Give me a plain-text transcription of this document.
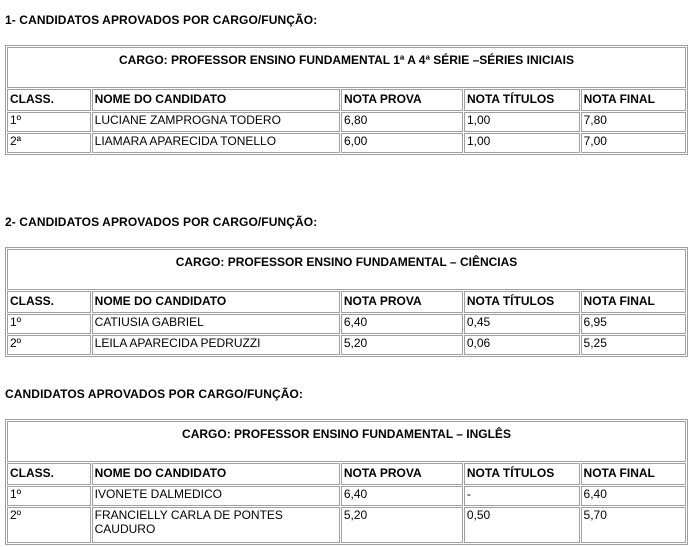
1- CANDIDATOS APROVADOS POR CARGO/FUNÇÃO:
CARGO: PROFESSOR ENSINO FUNDAMENTAL 1ª A 4ª SÉRIE –SÉRIES INICIAIS				
CLASS.	NOME DO CANDIDATO	NOTA PROVA	NOTA TÍTULOS	NOTA FINAL
1º	LUCIANE ZAMPROGNA TODERO	6,80	1,00	7,80
2ª	LIAMARA APARECIDA TONELLO	6,00	1,00	7,00
2- CANDIDATOS APROVADOS POR CARGO/FUNÇÃO:
CARGO: PROFESSOR ENSINO FUNDAMENTAL – CIÊNCIAS				
CLASS.	NOME DO CANDIDATO	NOTA PROVA	NOTA TÍTULOS	NOTA FINAL
1º	CATIUSIA GABRIEL	6,40	0,45	6,95
2º	LEILA APARECIDA PEDRUZZI	5,20	0,06	5,25
CANDIDATOS APROVADOS POR CARGO/FUNÇÃO:
CARGO: PROFESSOR ENSINO FUNDAMENTAL – INGLÊS				
CLASS.	NOME DO CANDIDATO	NOTA PROVA	NOTA TÍTULOS	NOTA FINAL
1º	IVONETE DALMEDICO	6,40	-	6,40
2º	FRANCIELLY CARLA DE PONTES CAUDURO	5,20	0,50	5,70
